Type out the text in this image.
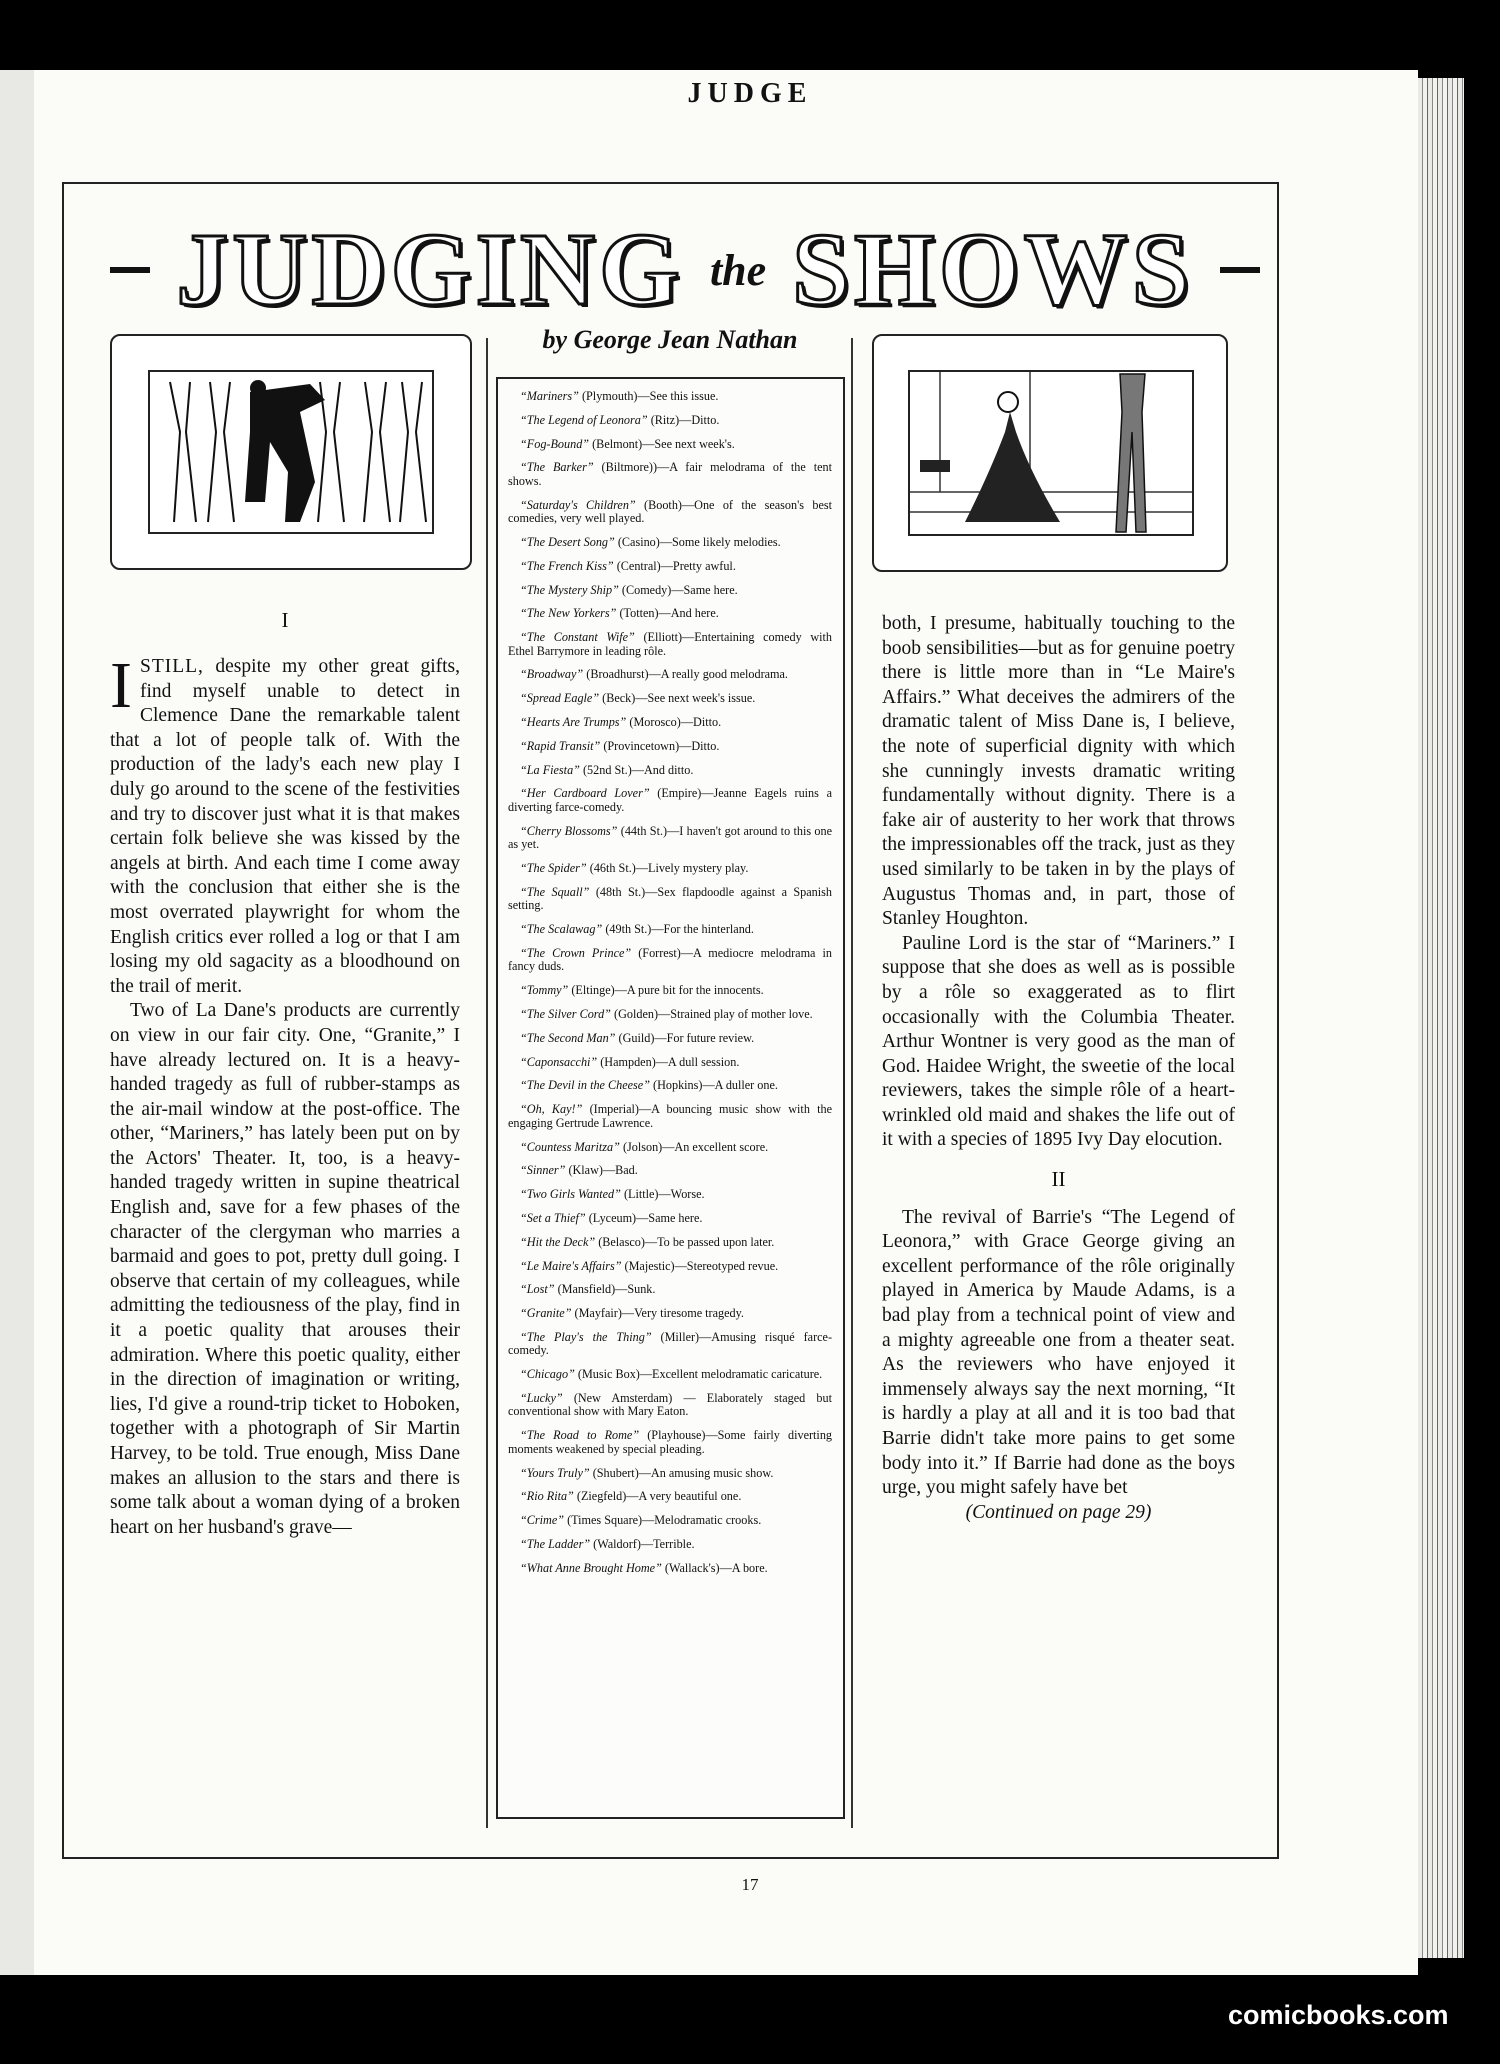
JUDGE
JUDGING the SHOWS
by George Jean Nathan
“Mariners” (Plymouth)—See this issue.
“The Legend of Leonora” (Ritz)—Ditto.
“Fog-Bound” (Belmont)—See next week's.
“The Barker” (Biltmore))—A fair melodrama of the tent shows.
“Saturday's Children” (Booth)—One of the season's best comedies, very well played.
“The Desert Song” (Casino)—Some likely melodies.
“The French Kiss” (Central)—Pretty awful.
“The Mystery Ship” (Comedy)—Same here.
“The New Yorkers” (Totten)—And here.
“The Constant Wife” (Elliott)—Entertaining comedy with Ethel Barrymore in leading rôle.
“Broadway” (Broadhurst)—A really good melodrama.
“Spread Eagle” (Beck)—See next week's issue.
“Hearts Are Trumps” (Morosco)—Ditto.
“Rapid Transit” (Provincetown)—Ditto.
“La Fiesta” (52nd St.)—And ditto.
“Her Cardboard Lover” (Empire)—Jeanne Eagels ruins a diverting farce-comedy.
“Cherry Blossoms” (44th St.)—I haven't got around to this one as yet.
“The Spider” (46th St.)—Lively mystery play.
“The Squall” (48th St.)—Sex flapdoodle against a Spanish setting.
“The Scalawag” (49th St.)—For the hinterland.
“The Crown Prince” (Forrest)—A mediocre melodrama in fancy duds.
“Tommy” (Eltinge)—A pure bit for the innocents.
“The Silver Cord” (Golden)—Strained play of mother love.
“The Second Man” (Guild)—For future review.
“Caponsacchi” (Hampden)—A dull session.
“The Devil in the Cheese” (Hopkins)—A duller one.
“Oh, Kay!” (Imperial)—A bouncing music show with the engaging Gertrude Lawrence.
“Countess Maritza” (Jolson)—An excellent score.
“Sinner” (Klaw)—Bad.
“Two Girls Wanted” (Little)—Worse.
“Set a Thief” (Lyceum)—Same here.
“Hit the Deck” (Belasco)—To be passed upon later.
“Le Maire's Affairs” (Majestic)—Stereotyped revue.
“Lost” (Mansfield)—Sunk.
“Granite” (Mayfair)—Very tiresome tragedy.
“The Play's the Thing” (Miller)—Amusing risqué farce-comedy.
“Chicago” (Music Box)—Excellent melodramatic caricature.
“Lucky” (New Amsterdam) — Elaborately staged but conventional show with Mary Eaton.
“The Road to Rome” (Playhouse)—Some fairly diverting moments weakened by special pleading.
“Yours Truly” (Shubert)—An amusing music show.
“Rio Rita” (Ziegfeld)—A very beautiful one.
“Crime” (Times Square)—Melodramatic crooks.
“The Ladder” (Waldorf)—Terrible.
“What Anne Brought Home” (Wallack's)—A bore.
I

ISTILL, despite my other great gifts, find myself unable to detect in Clemence Dane the remarkable talent that a lot of people talk of. With the production of the lady's each new play I duly go around to the scene of the festivities and try to discover just what it is that makes certain folk believe she was kissed by the angels at birth. And each time I come away with the conclusion that either she is the most overrated playwright for whom the English critics ever rolled a log or that I am losing my old sagacity as a bloodhound on the trail of merit.

Two of La Dane's products are currently on view in our fair city. One, “Granite,” I have already lectured on. It is a heavy-handed tragedy as full of rubber-stamps as the air-mail window at the post-office. The other, “Mariners,” has lately been put on by the Actors' Theater. It, too, is a heavy-handed tragedy written in supine theatrical English and, save for a few phases of the character of the clergyman who marries a barmaid and goes to pot, pretty dull going. I observe that certain of my colleagues, while admitting the tediousness of the play, find in it a poetic quality that arouses their admiration. Where this poetic quality, either in the direction of imagination or writing, lies, I'd give a round-trip ticket to Hoboken, together with a photograph of Sir Martin Harvey, to be told. True enough, Miss Dane makes an allusion to the stars and there is some talk about a woman dying of a broken heart on her husband's grave—

both, I presume, habitually touching to the boob sensibilities—but as for genuine poetry there is little more than in “Le Maire's Affairs.” What deceives the admirers of the dramatic talent of Miss Dane is, I believe, the note of superficial dignity with which she cunningly invests dramatic writing fundamentally without dignity. There is a fake air of austerity to her work that throws the impressionables off the track, just as they used similarly to be taken in by the plays of Augustus Thomas and, in part, those of Stanley Houghton.

Pauline Lord is the star of “Mariners.” I suppose that she does as well as is possible by a rôle so exaggerated as to flirt occasionally with the Columbia Theater. Arthur Wontner is very good as the man of God. Haidee Wright, the sweetie of the local reviewers, takes the simple rôle of a heart-wrinkled old maid and shakes the life out of it with a species of 1895 Ivy Day elocution.

II

The revival of Barrie's “The Legend of Leonora,” with Grace George giving an excellent performance of the rôle originally played in America by Maude Adams, is a bad play from a technical point of view and a mighty agreeable one from a theater seat. As the reviewers who have enjoyed it immensely always say the next morning, “It is hardly a play at all and it is too bad that Barrie didn't take more pains to get some body into it.” If Barrie had done as the boys urge, you might safely have bet

(Continued on page 29)
17
comicbooks.com
